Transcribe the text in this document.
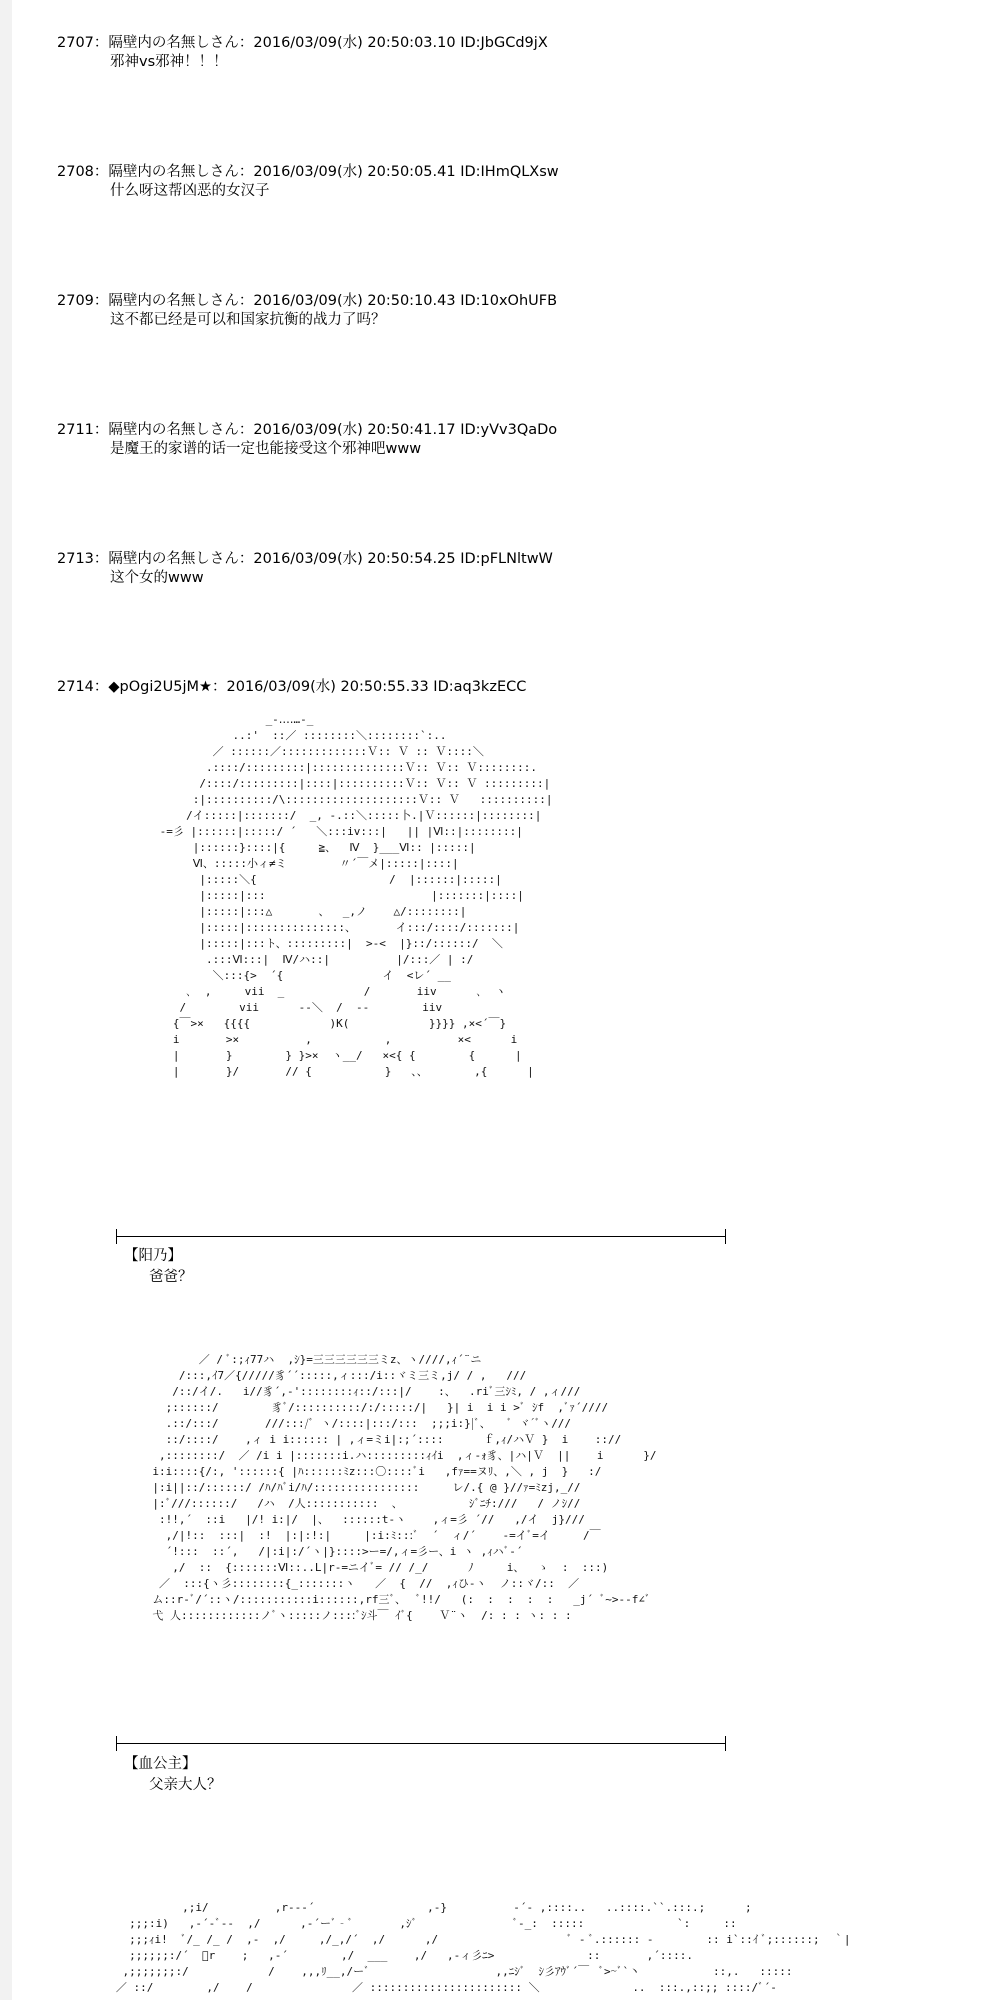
2707：隔壁内の名無しさん：2016/03/09(水) 20:50:03.10 ID:JbGCd9jX
邪神vs邪神！！！
2708：隔壁内の名無しさん：2016/03/09(水) 20:50:05.41 ID:IHmQLXsw
什么呀这帮凶恶的女汉子
2709：隔壁内の名無しさん：2016/03/09(水) 20:50:10.43 ID:10xOhUFB
这不都已经是可以和国家抗衡的战力了吗？
2711：隔壁内の名無しさん：2016/03/09(水) 20:50:41.17 ID:yVv3QaDo
是魔王的家谱的话一定也能接受这个邪神吧www
2713：隔壁内の名無しさん：2016/03/09(水) 20:50:54.25 ID:pFLNltwW
这个女的www
2714：◆pOgi2U5jM★：2016/03/09(水) 20:50:55.33 ID:aq3kzECC
_-‥‥…-_
..:'  ::／ ::::::::＼::::::::`:..
／ ::::::／:::::::::::::Ｖ:: Ｖ :: Ｖ::::＼
.::::/:::::::::|::::::::::::::Ｖ:: Ｖ:: Ｖ::::::::.
/::::/:::::::::|::::|::::::::::Ｖ:: Ｖ:: Ｖ :::::::::|
:|::::::::::/\::::::::::::::::::::Ｖ:: Ｖ   ::::::::::|
/イ:::::|:::::::/  _, -.::＼:::::卜.|Ｖ::::::|::::::::|
-=彡 |::::::|:::::/ ´   ＼:::iv:::|   || |Ⅵ::|::::::::|
|::::::}::::|{     ≧、  Ⅳ  }___Ⅵ:: |:::::|
Ⅵ、:::::小ィ≠ミ        〃´￣メ|:::::|::::|
|:::::＼{                    /  |::::::|:::::|
|:::::|:::                         |:::::::|::::|
|:::::|:::△       、  _,ノ    △/::::::::|
|:::::|:::::::::::::::、      イ:::/::::/:::::::|
|:::::|:::ト、:::::::::|  >-<  |}::/::::::/  ＼
.:::Ⅵ:::|  Ⅳ/ハ::|          |/:::／ | :/
＼:::{>  ´{               イ  <レ´ __
､  ,     vii  _            /       iiv      ､  ヽ
/        vii      ‐-＼  /  ‐-        iiv
{￣>×   {{{{            )K(            }}}} ,×<´￣}
i       >×          ,           ,          ×<      i
|       }        } }>×  ヽ__/   ×<{ {        {      |
|       }/       // {           }   、、       ,{      |
【阳乃】
爸爸？
／ / ﾞ:;ｨ77ハ  ,ｼ}=三三三三三三ミz、ヽ////,ｨ´¨ニ
/:::,ｲ7／{/////豸´´:::::,ィ:::/i::ヾミ三ミ,j/ / ,   ///
/::/イ/.   i//豸´,-'::::::::ｨ::/:::|/    :、  .riﾞ三ｼﾐ, / ,ィ///
;::::::/        豸ﾞ/::::::::::/:/:::::/|   }| i  i i >ﾞ ｼf  ,ﾞｧ´////
.::/:::/       ///:::/ﾞ ヽ/::::|:::/:::  ;;;i:}|ﾞ、   ﾞ ヾ´ﾞヽ///
::/::::/    ,ィ i i:::::: | ,ィ=ミi|:;´::::      ｆ,ｨ/ハＶ }  i    :://
,::::::::/  ／ /i i |:::::::i.ハ:::::::::ｨｲi  ,ィ‐ｫ豸、|ハ|Ｖ  ||    i      }/
i:i::::{/:, '::::::{ |ﾊ::::::ﾐz:::〇::::ﾞi   ,fｧ==ヌﾘ、,＼ , j  }   :/
|:i||::/::::::/ /ﾊ/ﾊﾞi/ﾊ/::::::::::::::::     レ/.{ @ }//ｧ=ﾐzj,_//
|:ﾞ///::::::/   /ハ  /人:::::::::::  、          ｼﾞﾆﾁ:///   / ノｼ//
:!!,´  ::i   |/! i:|/  |、  ::::::t-ヽ    ,ィ=彡 ´//   ,/イ  j}///
,/|!::  :::|  :!  |:|:!:|     |:i:ﾐ:::ﾞ  ´  ィ/´    ‐=イﾞ=イ     /￣
´!:::  ::´,   /|:i|:/´ヽ|}::::>ー=/,ィ=彡ー、i ヽ ,ｨハﾞ‐´
,/  ::  {:::::::Ⅵ::..L|r‐=ニイﾞ= // /_/      ﾉ     i、  ゝ  :  :::)
／  :::{ヽ彡::::::::{_:::::::ヽ   ／  {  //  ,ｨひ‐ヽ  ノ::ヾ/::  ／
ム::r‐ﾞ/´::ヽ/:::::::::::i::::::,rf三ﾞ、  ﾞ!!/   (:  :  :  :  :   _j´ ﾞ~>-‐f∠ﾞ
弋 人::::::::::::ノﾞヽ:::::ノ::::ﾞｼ斗￣ ｲﾞ{    Ｖ¨ヽ  /: : : ヽ: : :
【血公主】
父亲大人？
,;i/          ,r--‐´                 ,-}          ‐´‐ ,::::..   ..::::.``.:::.;      ;
;;;:i)   ,-´‐ﾞ--  ,/      ,-´ーﾞ‐ﾞ       ,ｼﾞ               ﾞ‐_:  :::::              `:     ::
;;;ｨi!  ﾞ/_ /_ /  ,-  ,/     ,/_,/´  ,/      ,/                    ﾞ ‐ ﾞ.:::::: ‐        :: i`::ｲ ﾞ;::::::;  ｀|
;;;;;;:/´  ﾞr    ;   ,-´        ,/  ___    ,/   ,-ィ彡ﾆ>              ::       ,´::::.
,;;;;;;;:/            /    ,,,ﾘ__,/ーﾞ                   ,,ﾆｼﾞ  ｼ彡ｱｳﾞ´￣  ﾞ>~ﾞ`丶           ::,.   :::::
／ ::/        ,/    /               ／ ::::::::::::::::::::::: ＼              ..  :::.,::;; ::::/ﾞ´‐
